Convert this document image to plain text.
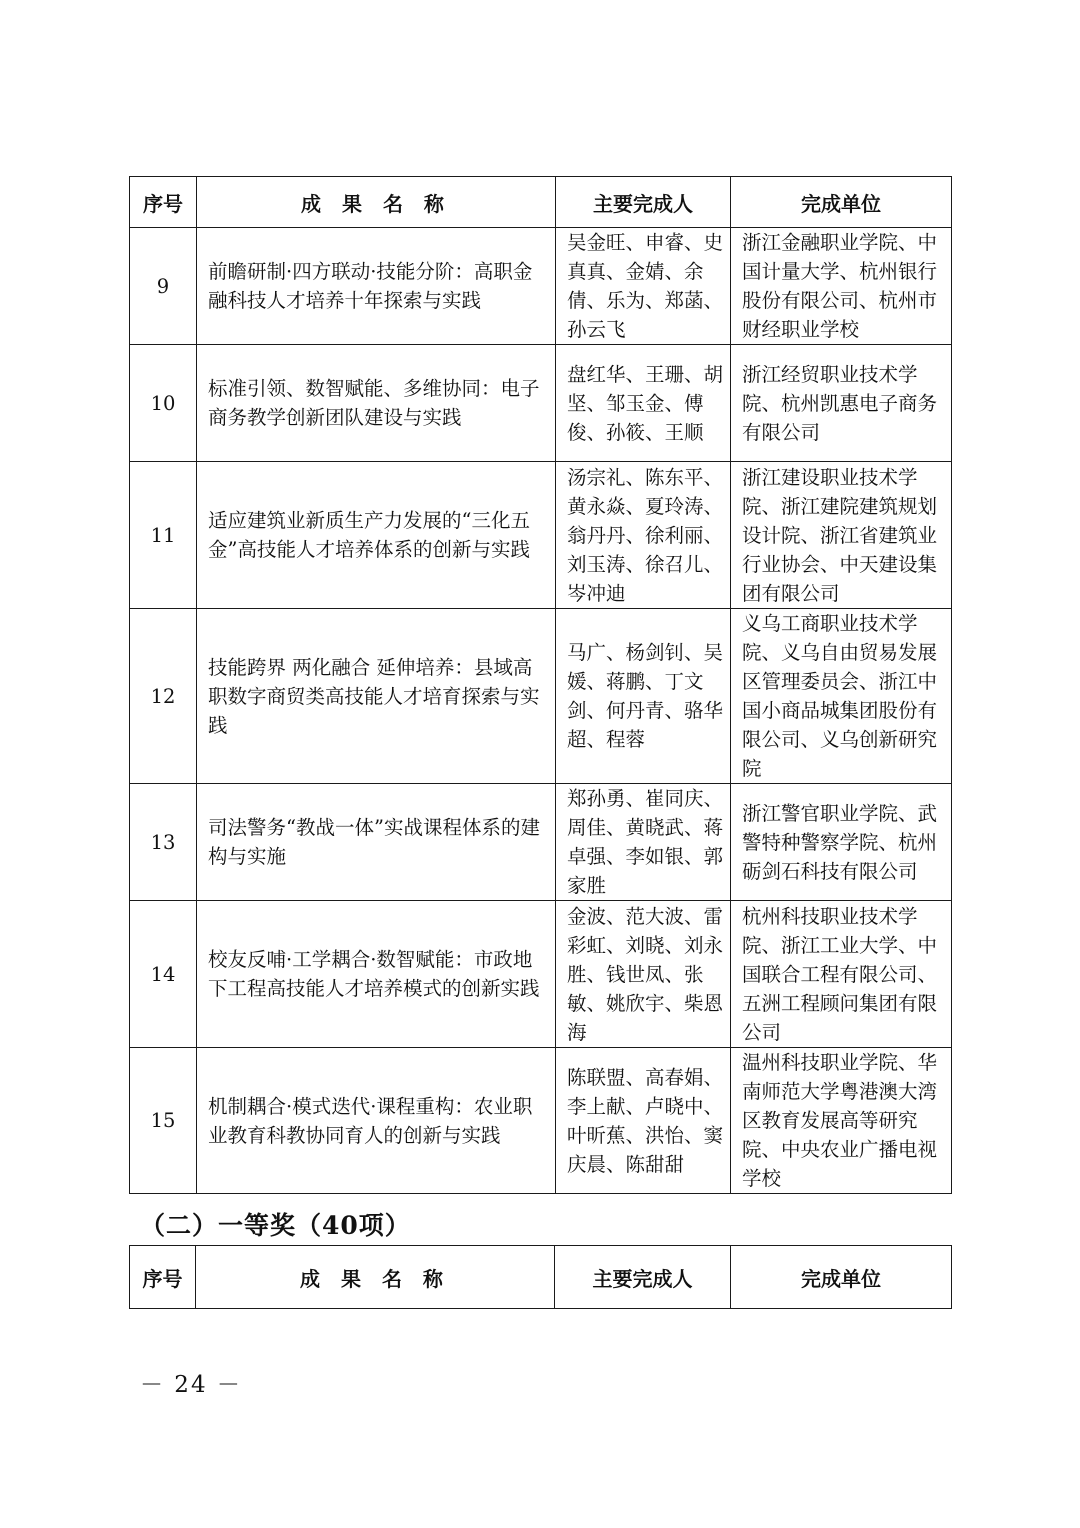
序号	成 果 名 称	主要完成人	完成单位
9	前瞻研制·四方联动·技能分阶：高职金融科技人才培养十年探索与实践	吴金旺、申睿、史真真、金婧、余倩、乐为、郑菡、孙云飞	浙江金融职业学院、中国计量大学、杭州银行股份有限公司、杭州市财经职业学校
10	标准引领、数智赋能、多维协同：电子商务教学创新团队建设与实践	盘红华、王珊、胡坚、邹玉金、傅俊、孙筱、王顺	浙江经贸职业技术学院、杭州凯惠电子商务有限公司
11	适应建筑业新质生产力发展的“三化五金”高技能人才培养体系的创新与实践	汤宗礼、陈东平、黄永焱、夏玲涛、翁丹丹、徐利丽、刘玉涛、徐召儿、岑冲迪	浙江建设职业技术学院、浙江建院建筑规划设计院、浙江省建筑业行业协会、中天建设集团有限公司
12	技能跨界 两化融合 延伸培养：县域高职数字商贸类高技能人才培育探索与实践	马广、杨剑钊、吴媛、蒋鹏、丁文剑、何丹青、骆华超、程蓉	义乌工商职业技术学院、义乌自由贸易发展区管理委员会、浙江中国小商品城集团股份有限公司、义乌创新研究院
13	司法警务“教战一体”实战课程体系的建构与实施	郑孙勇、崔同庆、周佳、黄晓武、蒋卓强、李如银、郭家胜	浙江警官职业学院、武警特种警察学院、杭州砺剑石科技有限公司
14	校友反哺·工学耦合·数智赋能：市政地下工程高技能人才培养模式的创新实践	金波、范大波、雷彩虹、刘晓、刘永胜、钱世凤、张敏、姚欣宇、柴恩海	杭州科技职业技术学院、浙江工业大学、中国联合工程有限公司、五洲工程顾问集团有限公司
15	机制耦合·模式迭代·课程重构：农业职业教育科教协同育人的创新与实践	陈联盟、高春娟、李上献、卢晓中、叶昕蕉、洪怡、窦庆晨、陈甜甜	温州科技职业学院、华南师范大学粤港澳大湾区教育发展高等研究院、中央农业广播电视学校
（二）一等奖（40项）
序号	成 果 名 称	主要完成人	完成单位
－ 24 －
